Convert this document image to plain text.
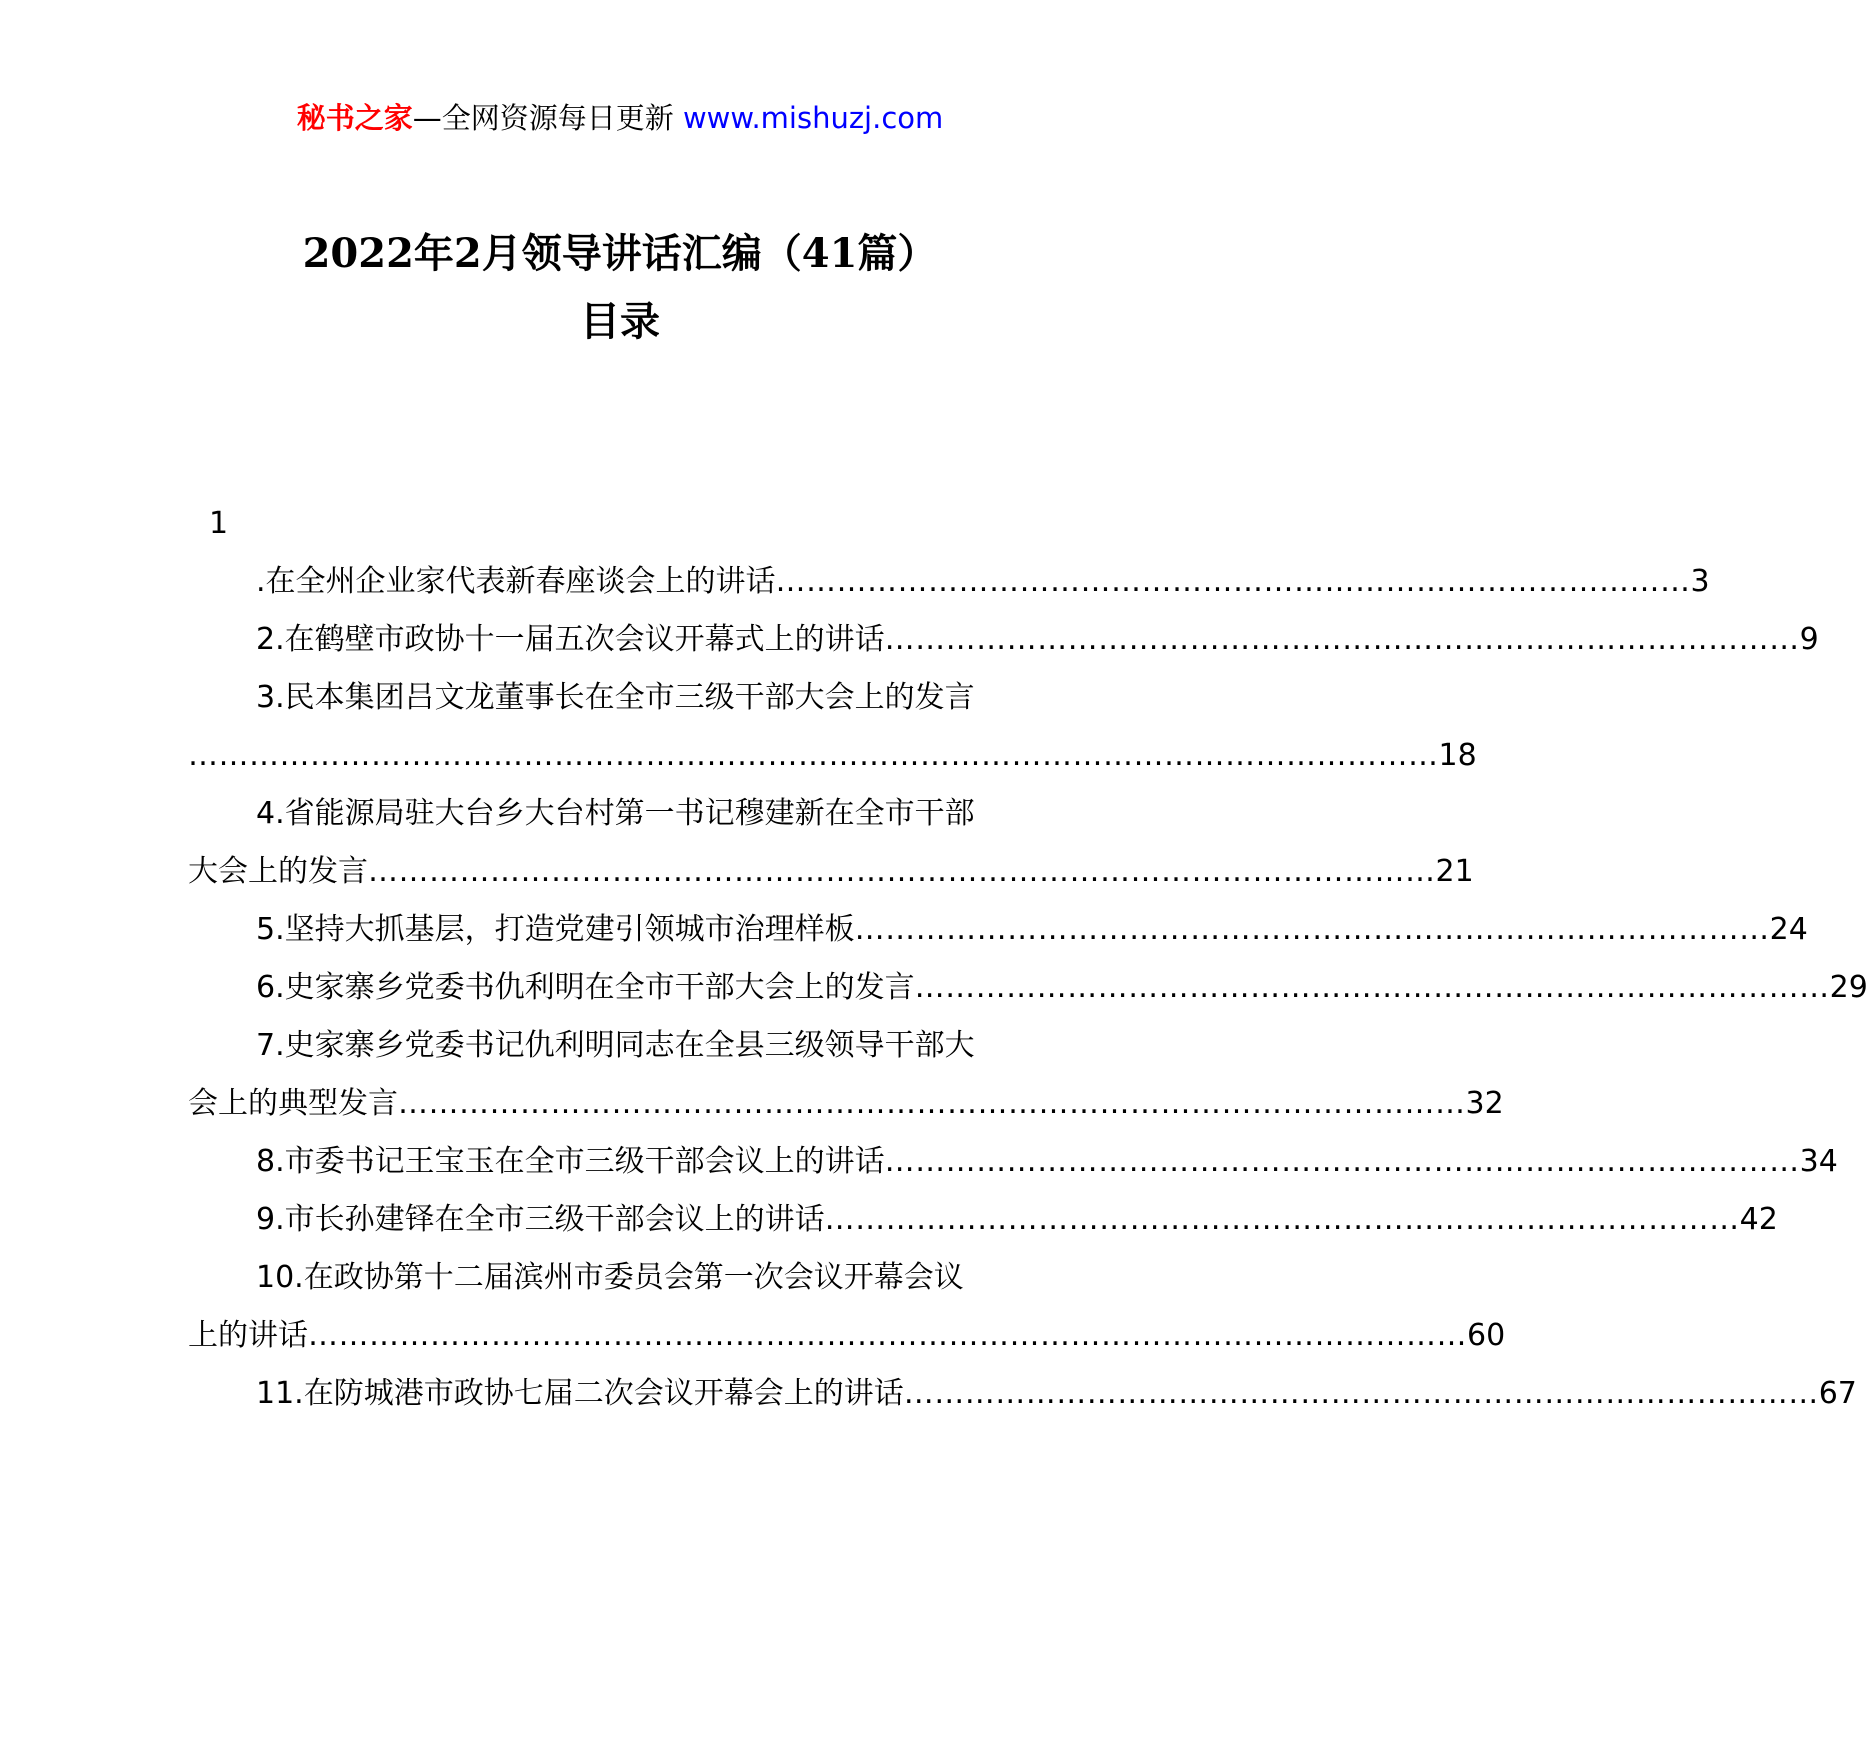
秘书之家—全网资源每日更新 www.mishuzj.com
2022年2月领导讲话汇编（41篇）
目录
1
.在全州企业家代表新春座谈会上的讲话 ……………………………………………………………………………… 3
2.在鹤壁市政协十一届五次会议开幕式上的讲话 ……………………………………………………………………………… 9
3.民本集团吕文龙董事长在全市三级干部大会上的发言
…………………………………………………………………………………………………………… 18
4.省能源局驻大台乡大台村第一书记穆建新在全市干部
大会上的发言 …………………………………………………………………………………………… 21
5.坚持大抓基层，打造党建引领城市治理样板 ……………………………………………………………………………… 24
6.史家寨乡党委书仇利明在全市干部大会上的发言 ……………………………………………………………………………… 29
7.史家寨乡党委书记仇利明同志在全县三级领导干部大
会上的典型发言 …………………………………………………………………………………………… 32
8.市委书记王宝玉在全市三级干部会议上的讲话 ……………………………………………………………………………… 34
9.市长孙建铎在全市三级干部会议上的讲话 ……………………………………………………………………………… 42
10.在政协第十二届滨州市委员会第一次会议开幕会议
上的讲话 …………………………………………………………………………………………………… 60
11.在防城港市政协七届二次会议开幕会上的讲话 ……………………………………………………………………………… 67
